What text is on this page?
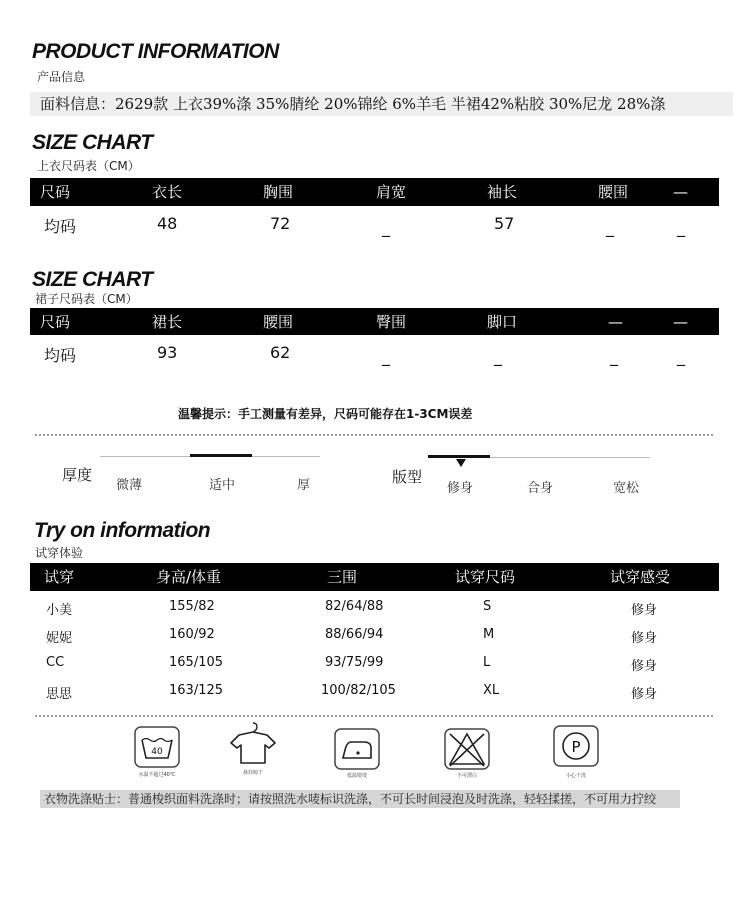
PRODUCT INFORMATION
产品信息
面料信息：2629款 上衣39%涤 35%腈纶 20%锦纶 6%羊毛 半裙42%粘胶 30%尼龙 28%涤
SIZE CHART
上衣尺码表（CM）
尺码	衣长	胸围	肩宽	袖长	腰围	—
均码	48	72	_	57	_	_
SIZE CHART
裙子尺码表（CM）
尺码	裙长	腰围	臀围	脚口	—	—
均码	93	62	_	_	_	_
温馨提示：手工测量有差异，尺码可能存在1-3CM误差
厚度
微薄	适中	厚	版型
修身	合身	宽松
Try on information
试穿体验
试穿	身高/体重	三围	试穿尺码	试穿感受
小美	155/82	82/64/88	S	修身
妮妮	160/92	88/66/94	M	修身
CC	165/105	93/75/99	L	修身
思思	163/125	100/82/105	XL	修身
40
水温不超过40℃	悬挂晾干	低温熨烫	不可漂白
P
小心干洗
衣物洗涤贴士：普通梭织面料洗涤时；请按照洗水唛标识洗涤，不可长时间浸泡及时洗涤，轻轻揉搓，不可用力拧绞
